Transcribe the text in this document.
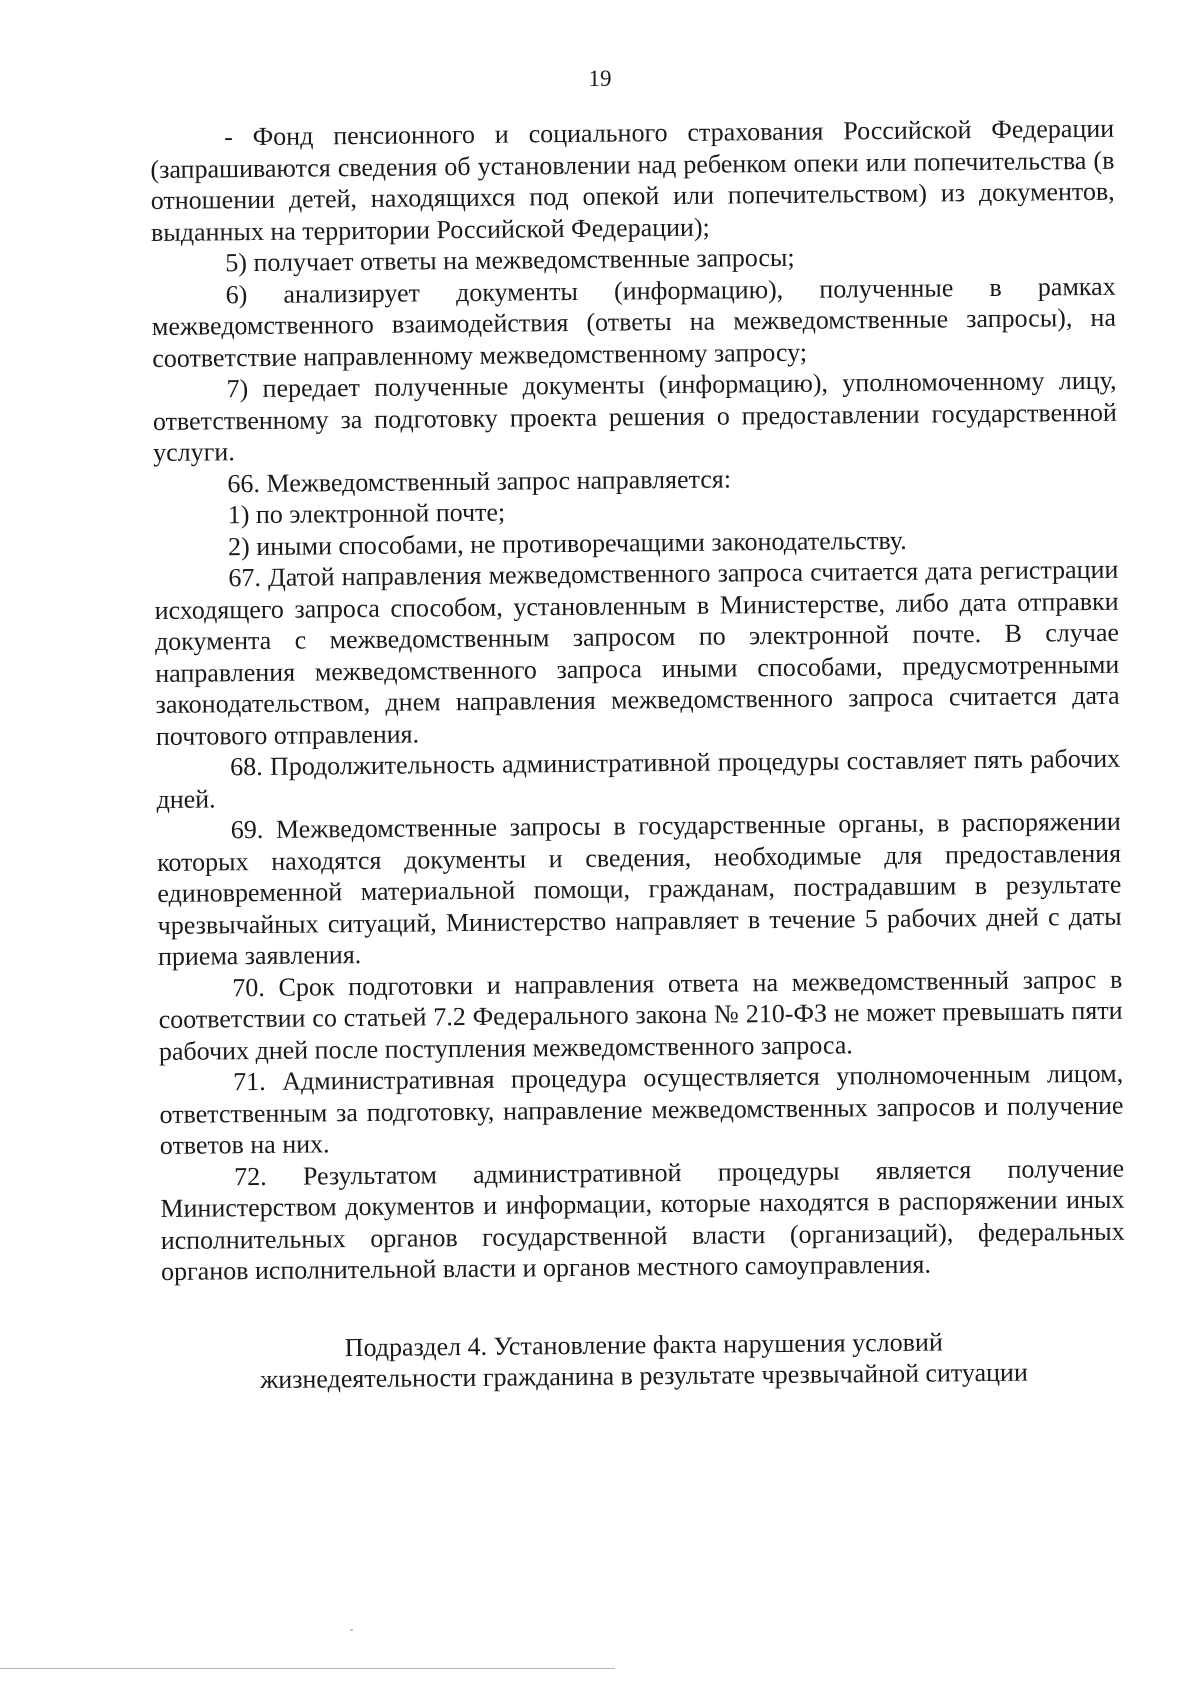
19

- Фонд пенсионного и социального страхования Российской Федерации (запрашиваются сведения об установлении над ребенком опеки или попечительства (в отношении детей, находящихся под опекой или попечительством) из документов, выданных на территории Российской Федерации);

5) получает ответы на межведомственные запросы;

6) анализирует документы (информацию), полученные в рамках межведомственного взаимодействия (ответы на межведомственные запросы), на соответствие направленному межведомственному запросу;

7) передает полученные документы (информацию), уполномоченному лицу, ответственному за подготовку проекта решения о предоставлении государственной услуги.

66. Межведомственный запрос направляется:

1) по электронной почте;

2) иными способами, не противоречащими законодательству.

67. Датой направления межведомственного запроса считается дата регистрации исходящего запроса способом, установленным в Министерстве, либо дата отправки документа с межведомственным запросом по электронной почте. В случае направления межведомственного запроса иными способами, предусмотренными законодательством, днем направления межведомственного запроса считается дата почтового отправления.

68. Продолжительность административной процедуры составляет пять рабочих дней.

69. Межведомственные запросы в государственные органы, в распоряжении которых находятся документы и сведения, необходимые для предоставления единовременной материальной помощи, гражданам, пострадавшим в результате чрезвычайных ситуаций, Министерство направляет в течение 5 рабочих дней с даты приема заявления.

70. Срок подготовки и направления ответа на межведомственный запрос в соответствии со статьей 7.2 Федерального закона № 210-ФЗ не может превышать пяти рабочих дней после поступления межведомственного запроса.

71. Административная процедура осуществляется уполномоченным лицом, ответственным за подготовку, направление межведомственных запросов и получение ответов на них.

72. Результатом административной процедуры является получение Министерством документов и информации, которые находятся в распоряжении иных исполнительных органов государственной власти (организаций), федеральных органов исполнительной власти и органов местного самоуправления.

Подраздел 4. Установление факта нарушения условий
жизнедеятельности гражданина в результате чрезвычайной ситуации
